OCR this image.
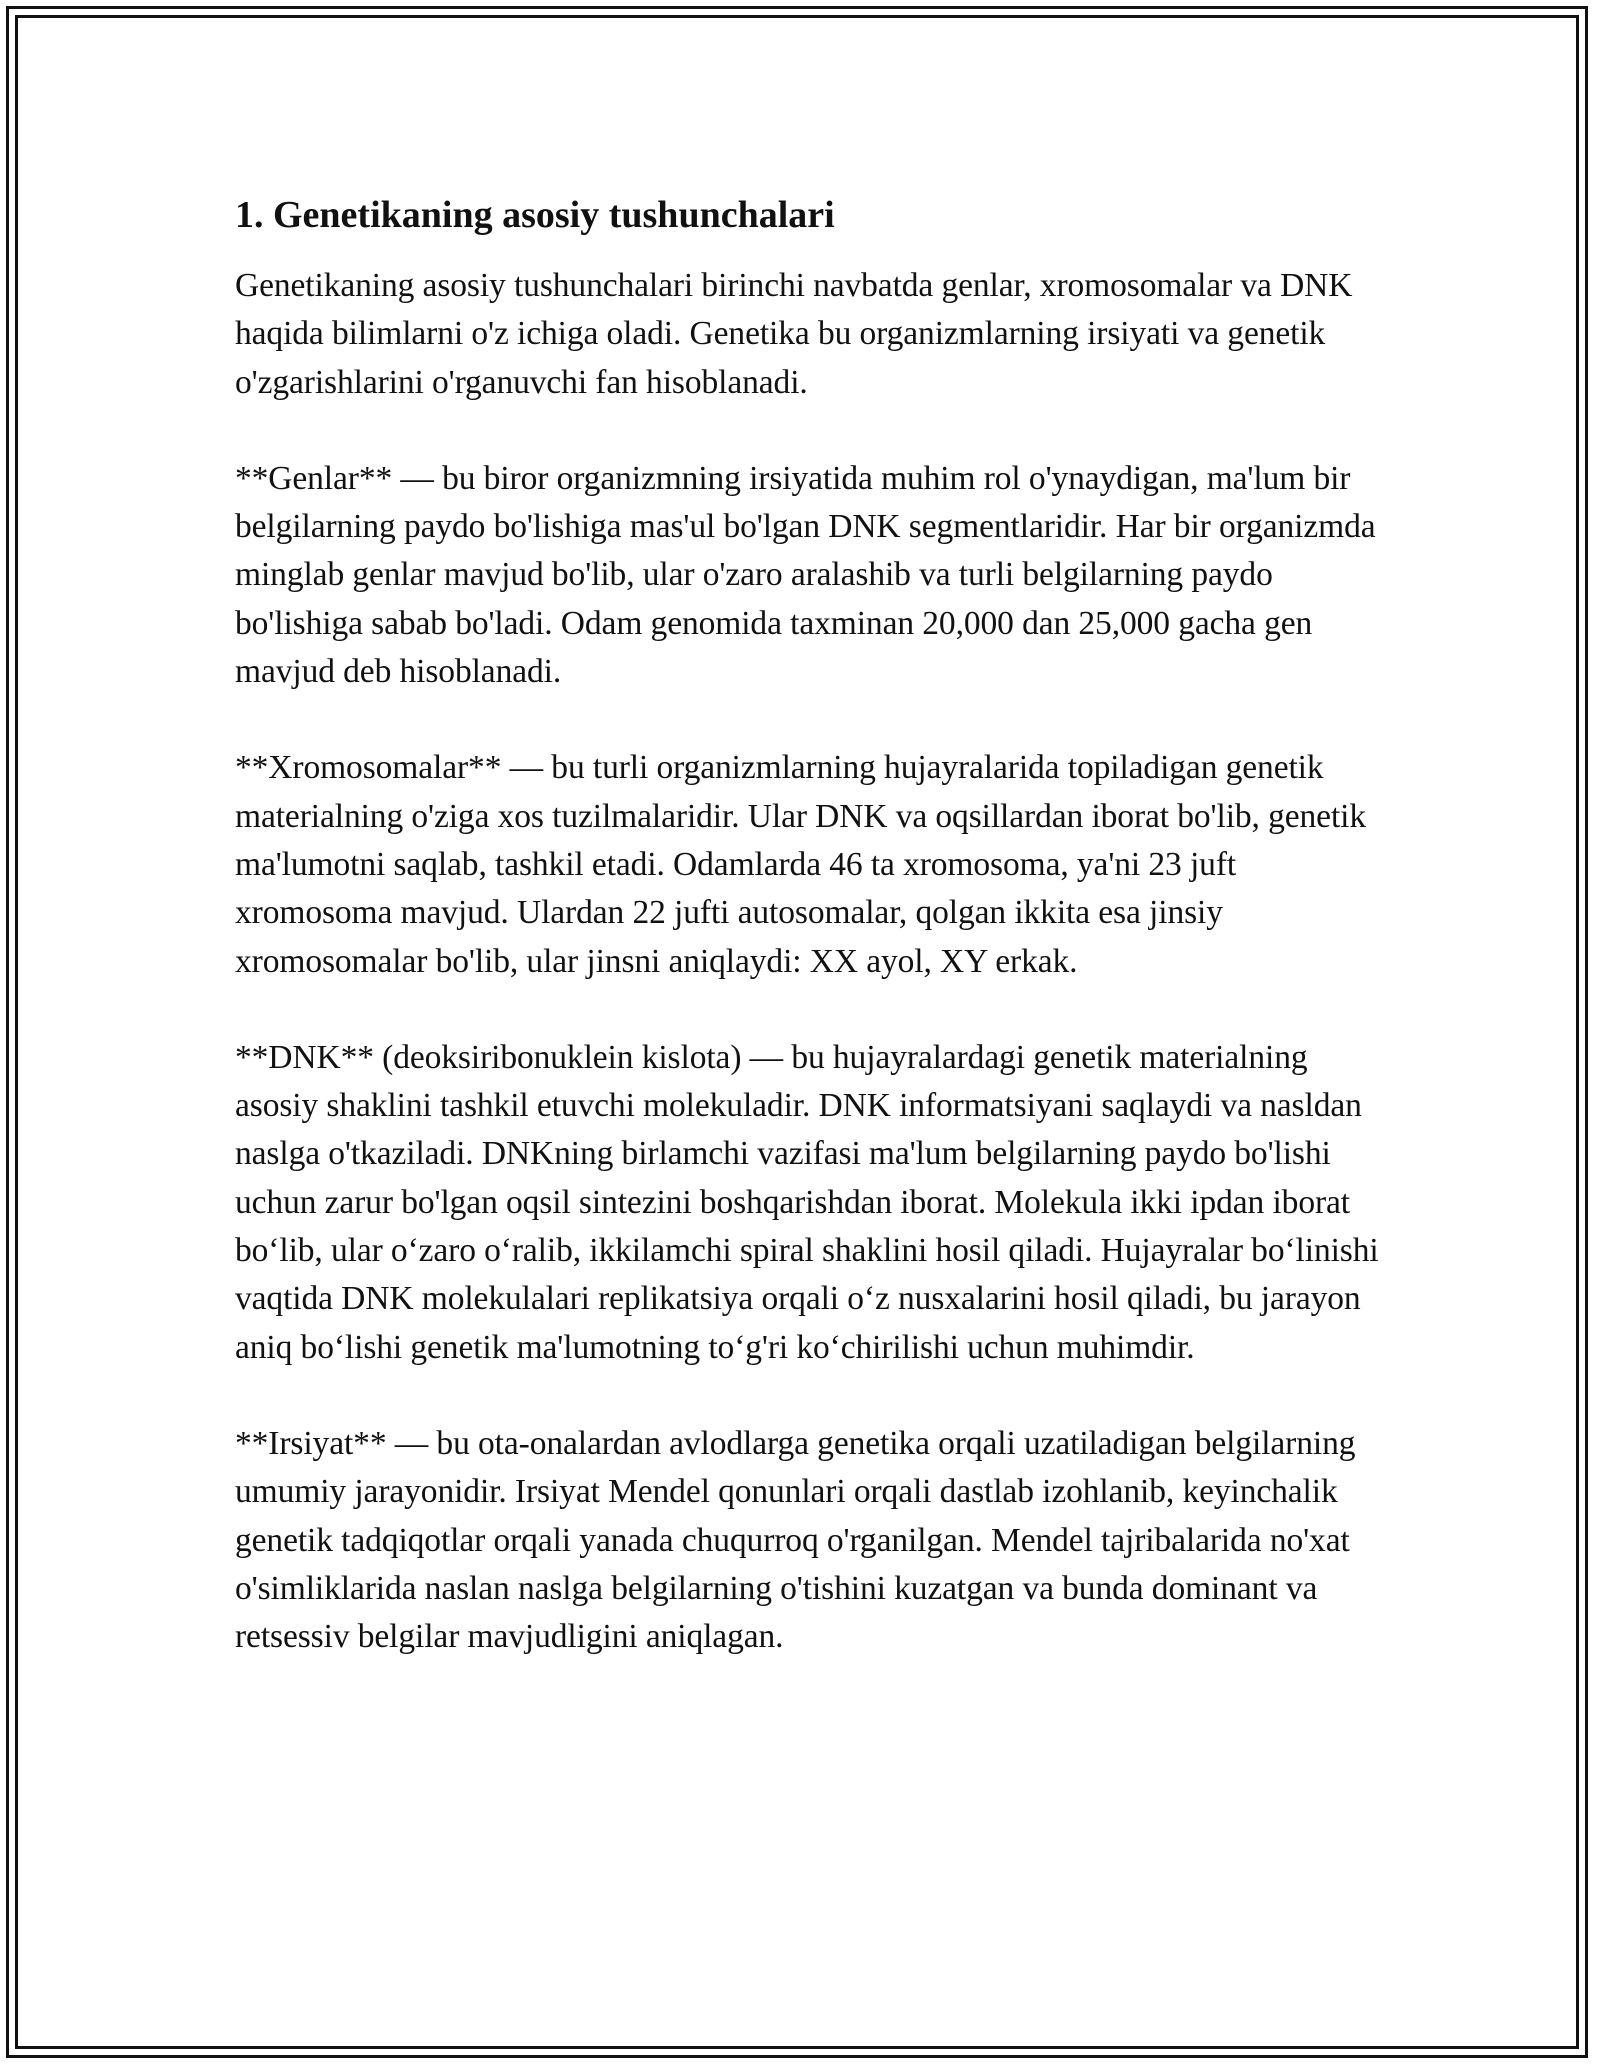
1. Genetikaning asosiy tushunchalari

Genetikaning asosiy tushunchalari birinchi navbatda genlar, xromosomalar va DNK haqida bilimlarni o'z ichiga oladi. Genetika bu organizmlarning irsiyati va genetik o'zgarishlarini o'rganuvchi fan hisoblanadi.

**Genlar** — bu biror organizmning irsiyatida muhim rol o'ynaydigan, ma'lum bir belgilarning paydo bo'lishiga mas'ul bo'lgan DNK segmentlaridir. Har bir organizmda minglab genlar mavjud bo'lib, ular o'zaro aralashib va turli belgilarning paydo bo'lishiga sabab bo'ladi. Odam genomida taxminan 20,000 dan 25,000 gacha gen mavjud deb hisoblanadi.

**Xromosomalar** — bu turli organizmlarning hujayralarida topiladigan genetik materialning o'ziga xos tuzilmalaridir. Ular DNK va oqsillardan iborat bo'lib, genetik ma'lumotni saqlab, tashkil etadi. Odamlarda 46 ta xromosoma, ya'ni 23 juft xromosoma mavjud. Ulardan 22 jufti autosomalar, qolgan ikkita esa jinsiy xromosomalar bo'lib, ular jinsni aniqlaydi: XX ayol, XY erkak.

**DNK** (deoksiribonuklein kislota) — bu hujayralardagi genetik materialning asosiy shaklini tashkil etuvchi molekuladir. DNK informatsiyani saqlaydi va nasldan naslga o'tkaziladi. DNKning birlamchi vazifasi ma'lum belgilarning paydo bo'lishi uchun zarur bo'lgan oqsil sintezini boshqarishdan iborat. Molekula ikki ipdan iborat bo‘lib, ular o‘zaro o‘ralib, ikkilamchi spiral shaklini hosil qiladi. Hujayralar bo‘linishi vaqtida DNK molekulalari replikatsiya orqali o‘z nusxalarini hosil qiladi, bu jarayon aniq bo‘lishi genetik ma'lumotning to‘g'ri ko‘chirilishi uchun muhimdir.

**Irsiyat** — bu ota-onalardan avlodlarga genetika orqali uzatiladigan belgilarning umumiy jarayonidir. Irsiyat Mendel qonunlari orqali dastlab izohlanib, keyinchalik genetik tadqiqotlar orqali yanada chuqurroq o'rganilgan. Mendel tajribalarida no'xat o'simliklarida naslan naslga belgilarning o'tishini kuzatgan va bunda dominant va retsessiv belgilar mavjudligini aniqlagan.
